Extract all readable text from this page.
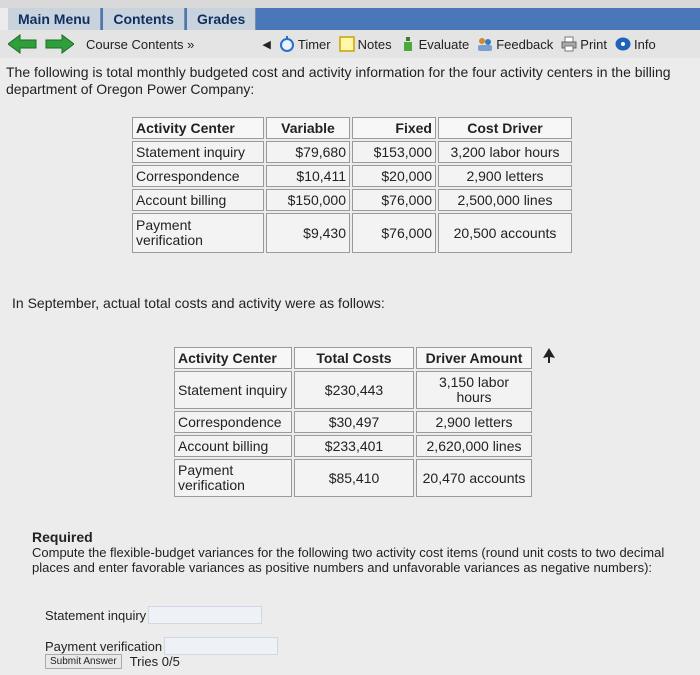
Main Menu	Contents	Grades
Course Contents »	◀ Timer Notes Evaluate Feedback Print Info
The following is total monthly budgeted cost and activity information for the four activity centers in the billing department of Oregon Power Company:
Activity Center	Variable	Fixed	Cost Driver
Statement inquiry	$79,680	$153,000	3,200 labor hours
Correspondence	$10,411	$20,000	2,900 letters
Account billing	$150,000	$76,000	2,500,000 lines
Payment verification	$9,430	$76,000	20,500 accounts
In September, actual total costs and activity were as follows:
Activity Center	Total Costs	Driver Amount
Statement inquiry	$230,443	3,150 labor hours
Correspondence	$30,497	2,900 letters
Account billing	$233,401	2,620,000 lines
Payment verification	$85,410	20,470 accounts
Required
Compute the flexible-budget variances for the following two activity cost items (round unit costs to two decimal places and enter favorable variances as positive numbers and unfavorable variances as negative numbers):
Statement inquiry
Payment verification
Submit Answer	Tries 0/5
